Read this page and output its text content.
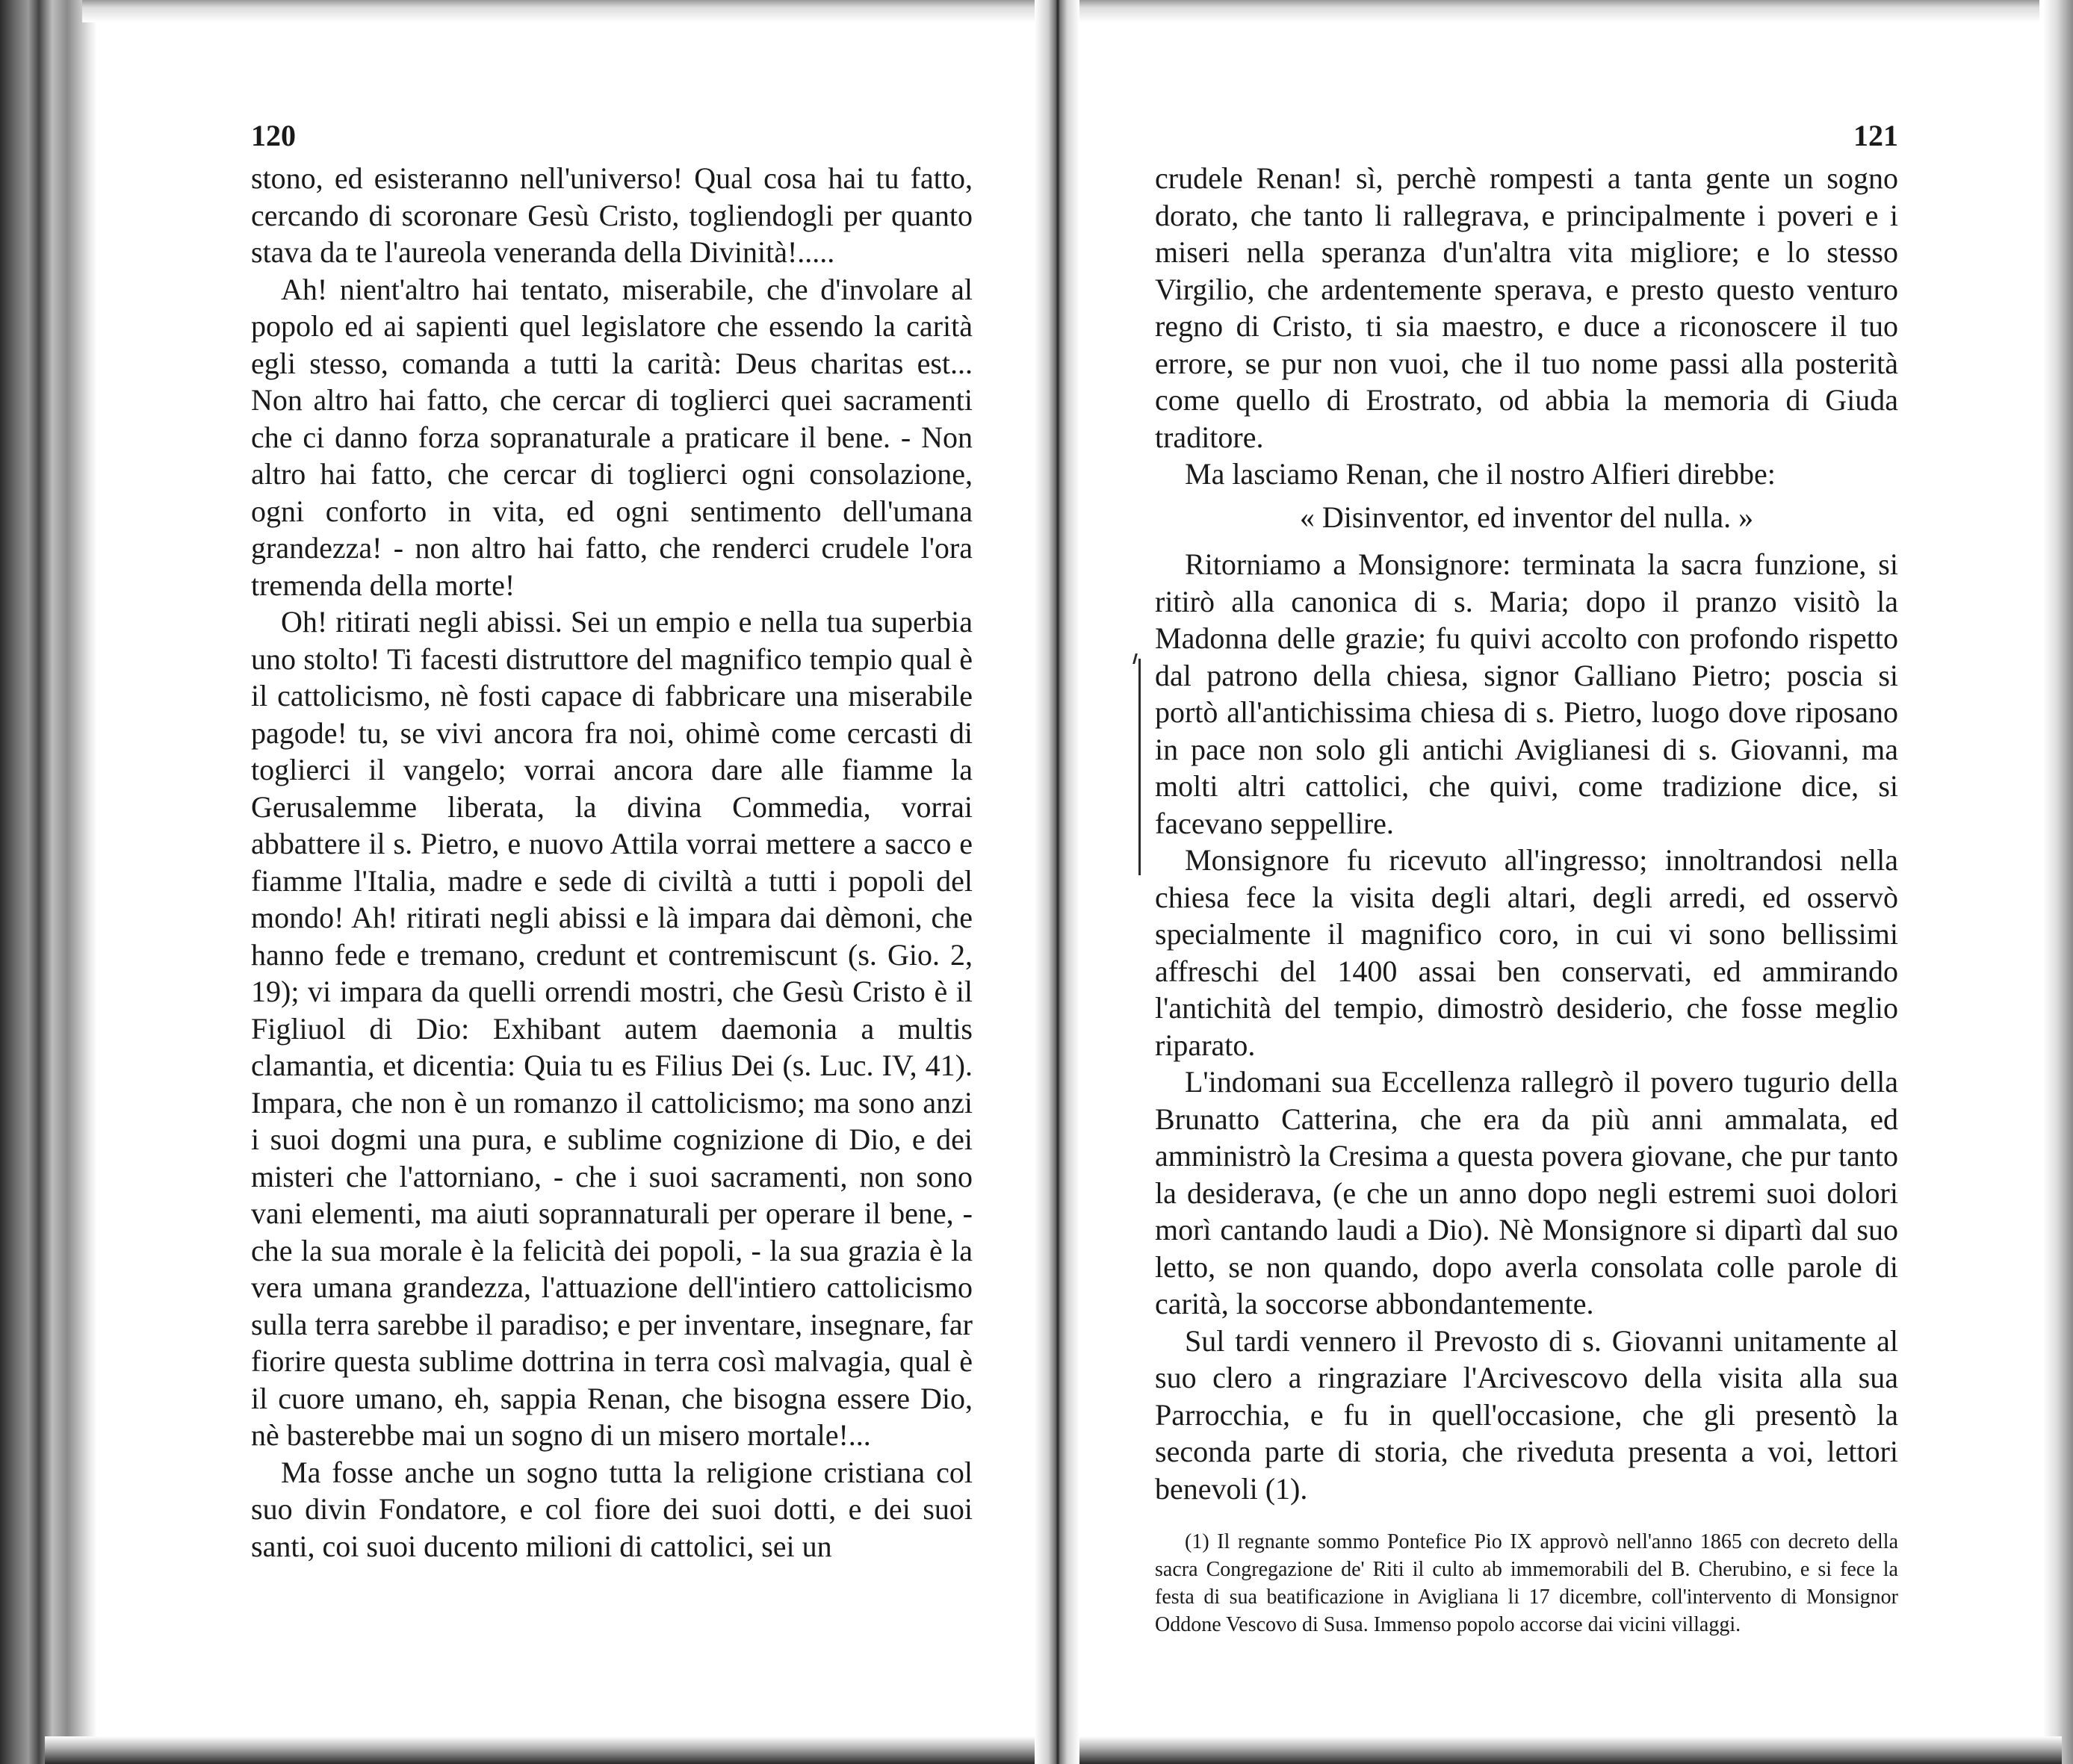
120

stono, ed esisteranno nell'universo! Qual cosa hai tu fatto, cercando di scoronare Gesù Cristo, togliendogli per quanto stava da te l'aureola veneranda della Divinità!.....

Ah! nient'altro hai tentato, miserabile, che d'involare al popolo ed ai sapienti quel legislatore che essendo la carità egli stesso, comanda a tutti la carità: Deus charitas est... Non altro hai fatto, che cercar di toglierci quei sacramenti che ci danno forza sopranaturale a praticare il bene. - Non altro hai fatto, che cercar di toglierci ogni consolazione, ogni conforto in vita, ed ogni sentimento dell'umana grandezza! - non altro hai fatto, che renderci crudele l'ora tremenda della morte!

Oh! ritirati negli abissi. Sei un empio e nella tua superbia uno stolto! Ti facesti distruttore del magnifico tempio qual è il cattolicismo, nè fosti capace di fabbricare una miserabile pagode! tu, se vivi ancora fra noi, ohimè come cercasti di toglierci il vangelo; vorrai ancora dare alle fiamme la Gerusalemme liberata, la divina Commedia, vorrai abbattere il s. Pietro, e nuovo Attila vorrai mettere a sacco e fiamme l'Italia, madre e sede di civiltà a tutti i popoli del mondo! Ah! ritirati negli abissi e là impara dai dèmoni, che hanno fede e tremano, credunt et contremiscunt (s. Gio. 2, 19); vi impara da quelli orrendi mostri, che Gesù Cristo è il Figliuol di Dio: Exhibant autem daemonia a multis clamantia, et dicentia: Quia tu es Filius Dei (s. Luc. IV, 41). Impara, che non è un romanzo il cattolicismo; ma sono anzi i suoi dogmi una pura, e sublime cognizione di Dio, e dei misteri che l'attorniano, - che i suoi sacramenti, non sono vani elementi, ma aiuti soprannaturali per operare il bene, - che la sua morale è la felicità dei popoli, - la sua grazia è la vera umana grandezza, l'attuazione dell'intiero cattolicismo sulla terra sarebbe il paradiso; e per inventare, insegnare, far fiorire questa sublime dottrina in terra così malvagia, qual è il cuore umano, eh, sappia Renan, che bisogna essere Dio, nè basterebbe mai un sogno di un misero mortale!...

Ma fosse anche un sogno tutta la religione cristiana col suo divin Fondatore, e col fiore dei suoi dotti, e dei suoi santi, coi suoi ducento milioni di cattolici, sei un

121

crudele Renan! sì, perchè rompesti a tanta gente un sogno dorato, che tanto li rallegrava, e principalmente i poveri e i miseri nella speranza d'un'altra vita migliore; e lo stesso Virgilio, che ardentemente sperava, e presto questo venturo regno di Cristo, ti sia maestro, e duce a riconoscere il tuo errore, se pur non vuoi, che il tuo nome passi alla posterità come quello di Erostrato, od abbia la memoria di Giuda traditore.

Ma lasciamo Renan, che il nostro Alfieri direbbe:

« Disinventor, ed inventor del nulla. »

Ritorniamo a Monsignore: terminata la sacra funzione, si ritirò alla canonica di s. Maria; dopo il pranzo visitò la Madonna delle grazie; fu quivi accolto con profondo rispetto dal patrono della chiesa, signor Galliano Pietro; poscia si portò all'antichissima chiesa di s. Pietro, luogo dove riposano in pace non solo gli antichi Aviglianesi di s. Giovanni, ma molti altri cattolici, che quivi, come tradizione dice, si facevano seppellire.

Monsignore fu ricevuto all'ingresso; innoltrandosi nella chiesa fece la visita degli altari, degli arredi, ed osservò specialmente il magnifico coro, in cui vi sono bellissimi affreschi del 1400 assai ben conservati, ed ammirando l'antichità del tempio, dimostrò desiderio, che fosse meglio riparato.

L'indomani sua Eccellenza rallegrò il povero tugurio della Brunatto Catterina, che era da più anni ammalata, ed amministrò la Cresima a questa povera giovane, che pur tanto la desiderava, (e che un anno dopo negli estremi suoi dolori morì cantando laudi a Dio). Nè Monsignore si dipartì dal suo letto, se non quando, dopo averla consolata colle parole di carità, la soccorse abbondantemente.

Sul tardi vennero il Prevosto di s. Giovanni unitamente al suo clero a ringraziare l'Arcivescovo della visita alla sua Parrocchia, e fu in quell'occasione, che gli presentò la seconda parte di storia, che riveduta presenta a voi, lettori benevoli (1).

(1) Il regnante sommo Pontefice Pio IX approvò nell'anno 1865 con decreto della sacra Congregazione de' Riti il culto ab immemorabili del B. Cherubino, e si fece la festa di sua beatificazione in Avigliana li 17 dicembre, coll'intervento di Monsignor Oddone Vescovo di Susa. Immenso popolo accorse dai vicini villaggi.
